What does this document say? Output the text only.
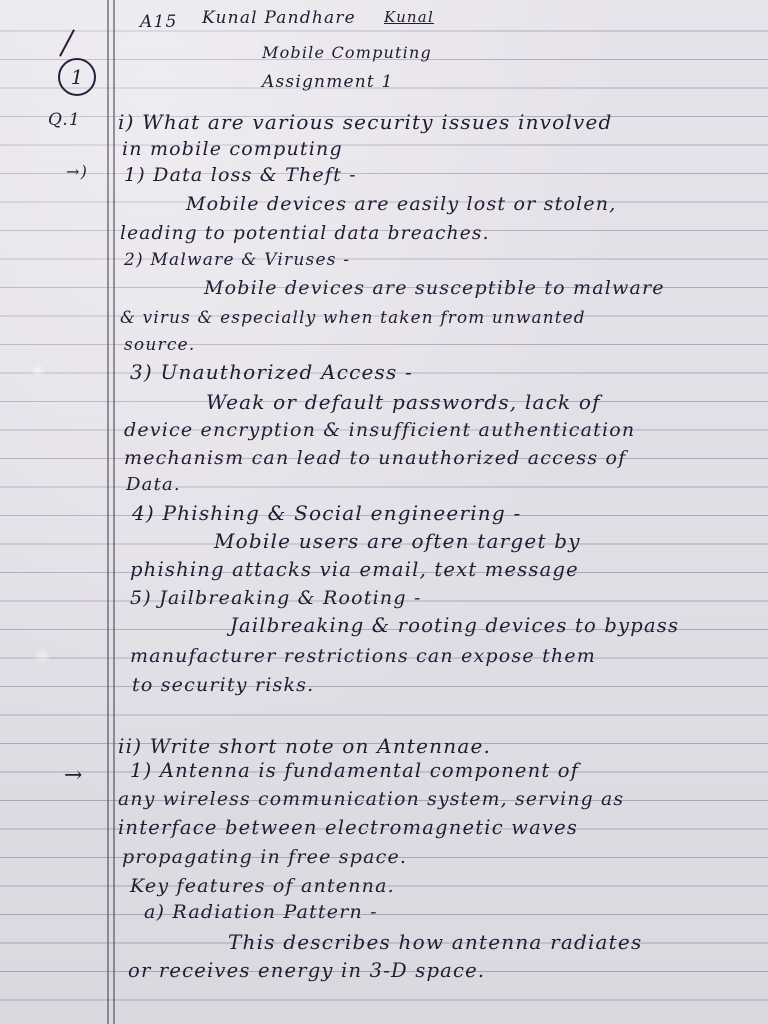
A15 Kunal Pandhare Kunal
1
Mobile Computing
Assignment 1
Q.1
→)
→
i) What are various security issues involved
in mobile computing
1) Data loss & Theft -
Mobile devices are easily lost or stolen,
leading to potential data breaches.
2) Malware & Viruses -
Mobile devices are susceptible to malware
& virus & especially when taken from unwanted
source.
3) Unauthorized Access -
Weak or default passwords, lack of
device encryption & insufficient authentication
mechanism can lead to unauthorized access of
Data.
4) Phishing & Social engineering -
Mobile users are often target by
phishing attacks via email, text message
5) Jailbreaking & Rooting -
Jailbreaking & rooting devices to bypass
manufacturer restrictions can expose them
to security risks.
ii) Write short note on Antennae.
1) Antenna is fundamental component of
any wireless communication system, serving as
interface between electromagnetic waves
propagating in free space.
Key features of antenna.
a) Radiation Pattern -
This describes how antenna radiates
or receives energy in 3-D space.
